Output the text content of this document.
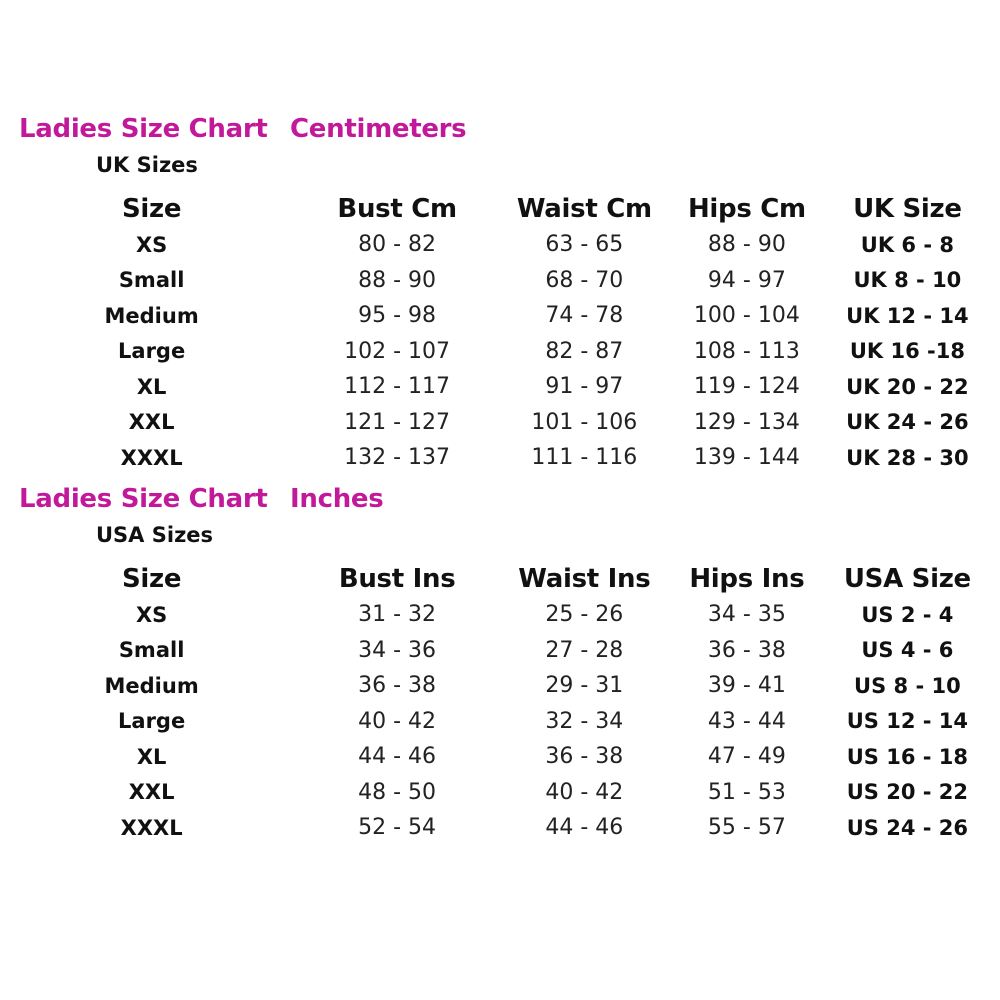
Ladies Size Chart Centimeters
UK Sizes
Size	Bust Cm	Waist Cm	Hips Cm	UK Size
XS	80 - 82	63 - 65	88 - 90	UK 6 - 8
Small	88 - 90	68 - 70	94 - 97	UK 8 - 10
Medium	95 - 98	74 - 78	100 - 104	UK 12 - 14
Large	102 - 107	82 - 87	108 - 113	UK 16 -18
XL	112 - 117	91 - 97	119 - 124	UK 20 - 22
XXL	121 - 127	101 - 106	129 - 134	UK 24 - 26
XXXL	132 - 137	111 - 116	139 - 144	UK 28 - 30
Ladies Size Chart Inches
USA Sizes
Size	Bust Ins	Waist Ins	Hips Ins	USA Size
XS	31 - 32	25 - 26	34 - 35	US 2 - 4
Small	34 - 36	27 - 28	36 - 38	US 4 - 6
Medium	36 - 38	29 - 31	39 - 41	US 8 - 10
Large	40 - 42	32 - 34	43 - 44	US 12 - 14
XL	44 - 46	36 - 38	47 - 49	US 16 - 18
XXL	48 - 50	40 - 42	51 - 53	US 20 - 22
XXXL	52 - 54	44 - 46	55 - 57	US 24 - 26
